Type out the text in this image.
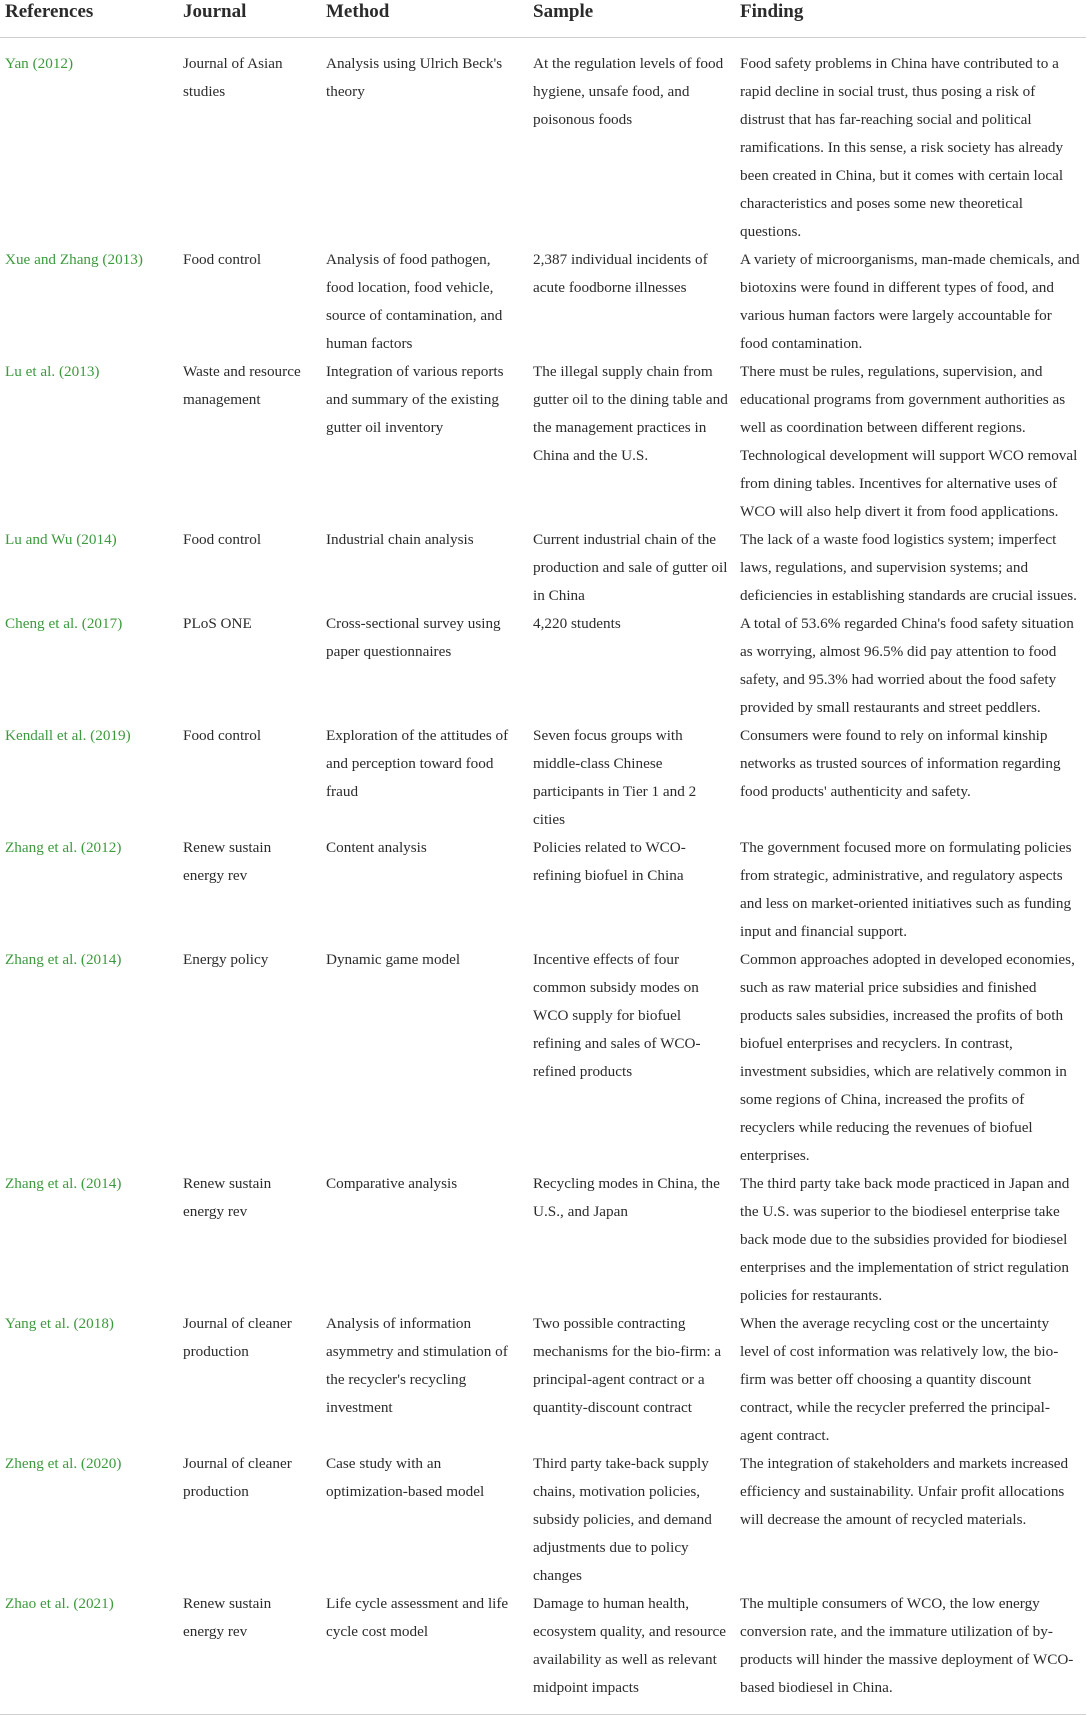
References	Journal	Method	Sample	Finding
Yan (2012)	Journal of Asian studies	Analysis using Ulrich Beck's theory	At the regulation levels of food hygiene, unsafe food, and poisonous foods	Food safety problems in China have contributed to a rapid decline in social trust, thus posing a risk of distrust that has far-reaching social and political ramifications. In this sense, a risk society has already been created in China, but it comes with certain local characteristics and poses some new theoretical questions.
Xue and Zhang (2013)	Food control	Analysis of food pathogen, food location, food vehicle, source of contamination, and human factors	2,387 individual incidents of acute foodborne illnesses	A variety of microorganisms, man-made chemicals, and biotoxins were found in different types of food, and various human factors were largely accountable for food contamination.
Lu et al. (2013)	Waste and resource management	Integration of various reports and summary of the existing gutter oil inventory	The illegal supply chain from gutter oil to the dining table and the management practices in China and the U.S.	There must be rules, regulations, supervision, and educational programs from government authorities as well as coordination between different regions. Technological development will support WCO removal from dining tables. Incentives for alternative uses of WCO will also help divert it from food applications.
Lu and Wu (2014)	Food control	Industrial chain analysis	Current industrial chain of the production and sale of gutter oil in China	The lack of a waste food logistics system; imperfect laws, regulations, and supervision systems; and deficiencies in establishing standards are crucial issues.
Cheng et al. (2017)	PLoS ONE	Cross-sectional survey using paper questionnaires	4,220 students	A total of 53.6% regarded China's food safety situation as worrying, almost 96.5% did pay attention to food safety, and 95.3% had worried about the food safety provided by small restaurants and street peddlers.
Kendall et al. (2019)	Food control	Exploration of the attitudes of and perception toward food fraud	Seven focus groups with middle-class Chinese participants in Tier 1 and 2 cities	Consumers were found to rely on informal kinship networks as trusted sources of information regarding food products' authenticity and safety.
Zhang et al. (2012)	Renew sustain energy rev	Content analysis	Policies related to WCO-refining biofuel in China	The government focused more on formulating policies from strategic, administrative, and regulatory aspects and less on market-oriented initiatives such as funding input and financial support.
Zhang et al. (2014)	Energy policy	Dynamic game model	Incentive effects of four common subsidy modes on WCO supply for biofuel refining and sales of WCO-refined products	Common approaches adopted in developed economies, such as raw material price subsidies and finished products sales subsidies, increased the profits of both biofuel enterprises and recyclers. In contrast, investment subsidies, which are relatively common in some regions of China, increased the profits of recyclers while reducing the revenues of biofuel enterprises.
Zhang et al. (2014)	Renew sustain energy rev	Comparative analysis	Recycling modes in China, the U.S., and Japan	The third party take back mode practiced in Japan and the U.S. was superior to the biodiesel enterprise take back mode due to the subsidies provided for biodiesel enterprises and the implementation of strict regulation policies for restaurants.
Yang et al. (2018)	Journal of cleaner production	Analysis of information asymmetry and stimulation of the recycler's recycling investment	Two possible contracting mechanisms for the bio-firm: a principal-agent contract or a quantity-discount contract	When the average recycling cost or the uncertainty level of cost information was relatively low, the bio-firm was better off choosing a quantity discount contract, while the recycler preferred the principal-agent contract.
Zheng et al. (2020)	Journal of cleaner production	Case study with an optimization-based model	Third party take-back supply chains, motivation policies, subsidy policies, and demand adjustments due to policy changes	The integration of stakeholders and markets increased efficiency and sustainability. Unfair profit allocations will decrease the amount of recycled materials.
Zhao et al. (2021)	Renew sustain energy rev	Life cycle assessment and life cycle cost model	Damage to human health, ecosystem quality, and resource availability as well as relevant midpoint impacts	The multiple consumers of WCO, the low energy conversion rate, and the immature utilization of by-products will hinder the massive deployment of WCO-based biodiesel in China.
